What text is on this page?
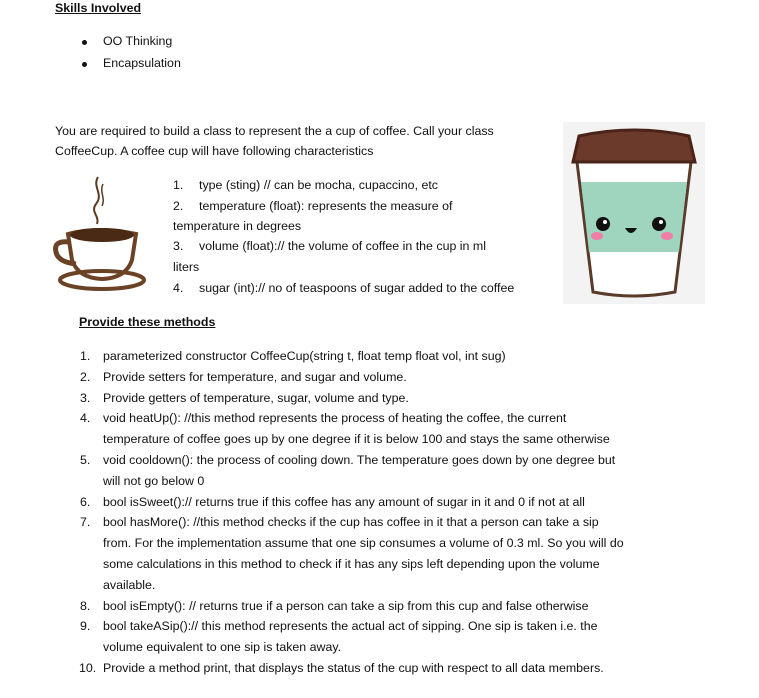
Skills Involved
OO Thinking
Encapsulation
You are required to build a class to represent the a cup of coffee. Call your class
CoffeeCup. A coffee cup will have following characteristics
1. type (sting) // can be mocha, cupaccino, etc
2. temperature (float): represents the measure of
temperature in degrees
3. volume (float):// the volume of coffee in the cup in ml
liters
4. sugar (int):// no of teaspoons of sugar added to the coffee
Provide these methods
1. parameterized constructor CoffeeCup(string t, float temp float vol, int sug)
2. Provide setters for temperature, and sugar and volume.
3. Provide getters of temperature, sugar, volume and type.
4. void heatUp(): //this method represents the process of heating the coffee, the current
temperature of coffee goes up by one degree if it is below 100 and stays the same otherwise
5. void cooldown(): the process of cooling down. The temperature goes down by one degree but
will not go below 0
6. bool isSweet():// returns true if this coffee has any amount of sugar in it and 0 if not at all
7. bool hasMore(): //this method checks if the cup has coffee in it that a person can take a sip
from. For the implementation assume that one sip consumes a volume of 0.3 ml. So you will do
some calculations in this method to check if it has any sips left depending upon the volume
available.
8. bool isEmpty(): // returns true if a person can take a sip from this cup and false otherwise
9. bool takeASip():// this method represents the actual act of sipping. One sip is taken i.e. the
volume equivalent to one sip is taken away.
10. Provide a method print, that displays the status of the cup with respect to all data members.
